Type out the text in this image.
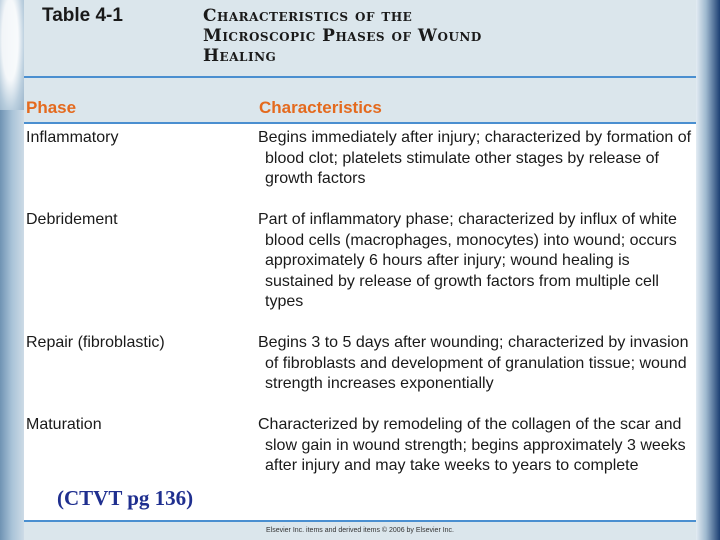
Table 4-1	Characteristics of the
Microscopic Phases of Wound
Healing
Phase	Characteristics
Inflammatory	Begins immediately after injury; characterized by formation of blood clot; platelets stimulate other stages by release of growth factors
Debridement	Part of inflammatory phase; characterized by influx of white blood cells (macrophages, monocytes) into wound; occurs approximately 6 hours after injury; wound healing is sustained by release of growth factors from multiple cell types
Repair (fibroblastic)	Begins 3 to 5 days after wounding; characterized by invasion of fibroblasts and development of granulation tissue; wound strength increases exponentially
Maturation	Characterized by remodeling of the collagen of the scar and slow gain in wound strength; begins approximately 3 weeks after injury and may take weeks to years to complete
Elsevier Inc. items and derived items © 2006 by Elsevier Inc.
(CTVT pg 136)
